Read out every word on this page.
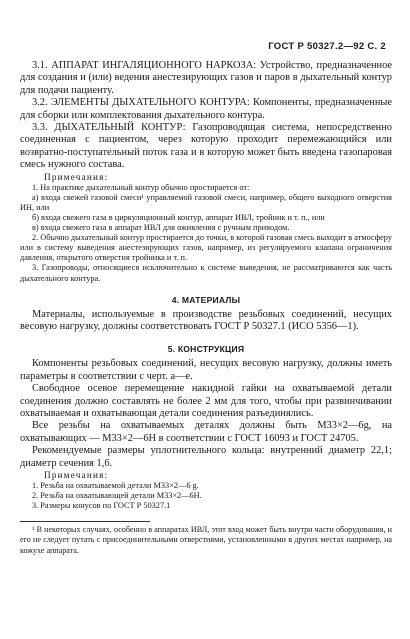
ГОСТ Р 50327.2—92 С. 2

3.1. АППАРАТ ИНГАЛЯЦИОННОГО НАРКОЗА: Устройство, предназначенное для создания и (или) ведения анестезирующих газов и паров в дыхательный контур для подачи пациенту.

3.2. ЭЛЕМЕНТЫ ДЫХАТЕЛЬНОГО КОНТУРА: Компоненты, предназначенные для сборки или комплектования дыхательного контура.

3.3. ДЫХАТЕЛЬНЫЙ КОНТУР: Газопроводящая система, непосредственно соединенная с пациентом, через которую проходит перемежающийся или возвратно-поступательный поток газа и в которую может быть введена газопаровая смесь нужного состава.

Примечания:

1. На практике дыхательный контур обычно простирается от:

а) входа свежей газовой смеси¹ управляемой газовой смеси, например, общего выходного отверстия ИН, или

б) входа свежего газа в циркуляционный контур, аппарат ИВЛ, тройник и т. п., или

в) входа свежего газа в аппарат ИВЛ для оживления с ручным приводом.

2. Обычно дыхательный контур простирается до точки, в которой газовая смесь выходит в атмосферу или в систему выведения анестезирующих газов, например, из регулируемого клапана ограничения давления, открытого отверстия тройника и т. п.

3. Газопроводы, относящиеся исключительно к системе выведения, не рассматриваются как часть дыхательного контура.

4. МАТЕРИАЛЫ

Материалы, используемые в производстве резьбовых соединений, несущих весовую нагрузку, должны соответствовать ГОСТ Р 50327.1 (ИСО 5356—1).

5. КОНСТРУКЦИЯ

Компоненты резьбовых соединений, несущих весовую нагрузку, должны иметь параметры в соответствии с черт. а—е.

Свободное осевое перемещение накидной гайки на охватываемой детали соединения должно составлять не более 2 мм для того, чтобы при развинчивании охватываемая и охватывающая детали соединения разъединялись.

Все резьбы на охватываемых деталях должны быть М33×2—6g, на охватывающих — М33×2—6Н в соответствии с ГОСТ 16093 и ГОСТ 24705.

Рекомендуемые размеры уплотнительного кольца: внутренний диаметр 22,1; диаметр сечения 1,6.

Примечания:

1. Резьба на охватываемой детали М33×2—6 g.

2. Резьба на охватывающей детали М33×2—6Н.

3. Размеры конусов по ГОСТ Р 50327.1

¹ В некоторых случаях, особенно в аппаратах ИВЛ, этот вход может быть внутри части оборудования, и его не следует путать с присоединительными отверстиями, установленными в других местах например, на кожухе аппарата.
